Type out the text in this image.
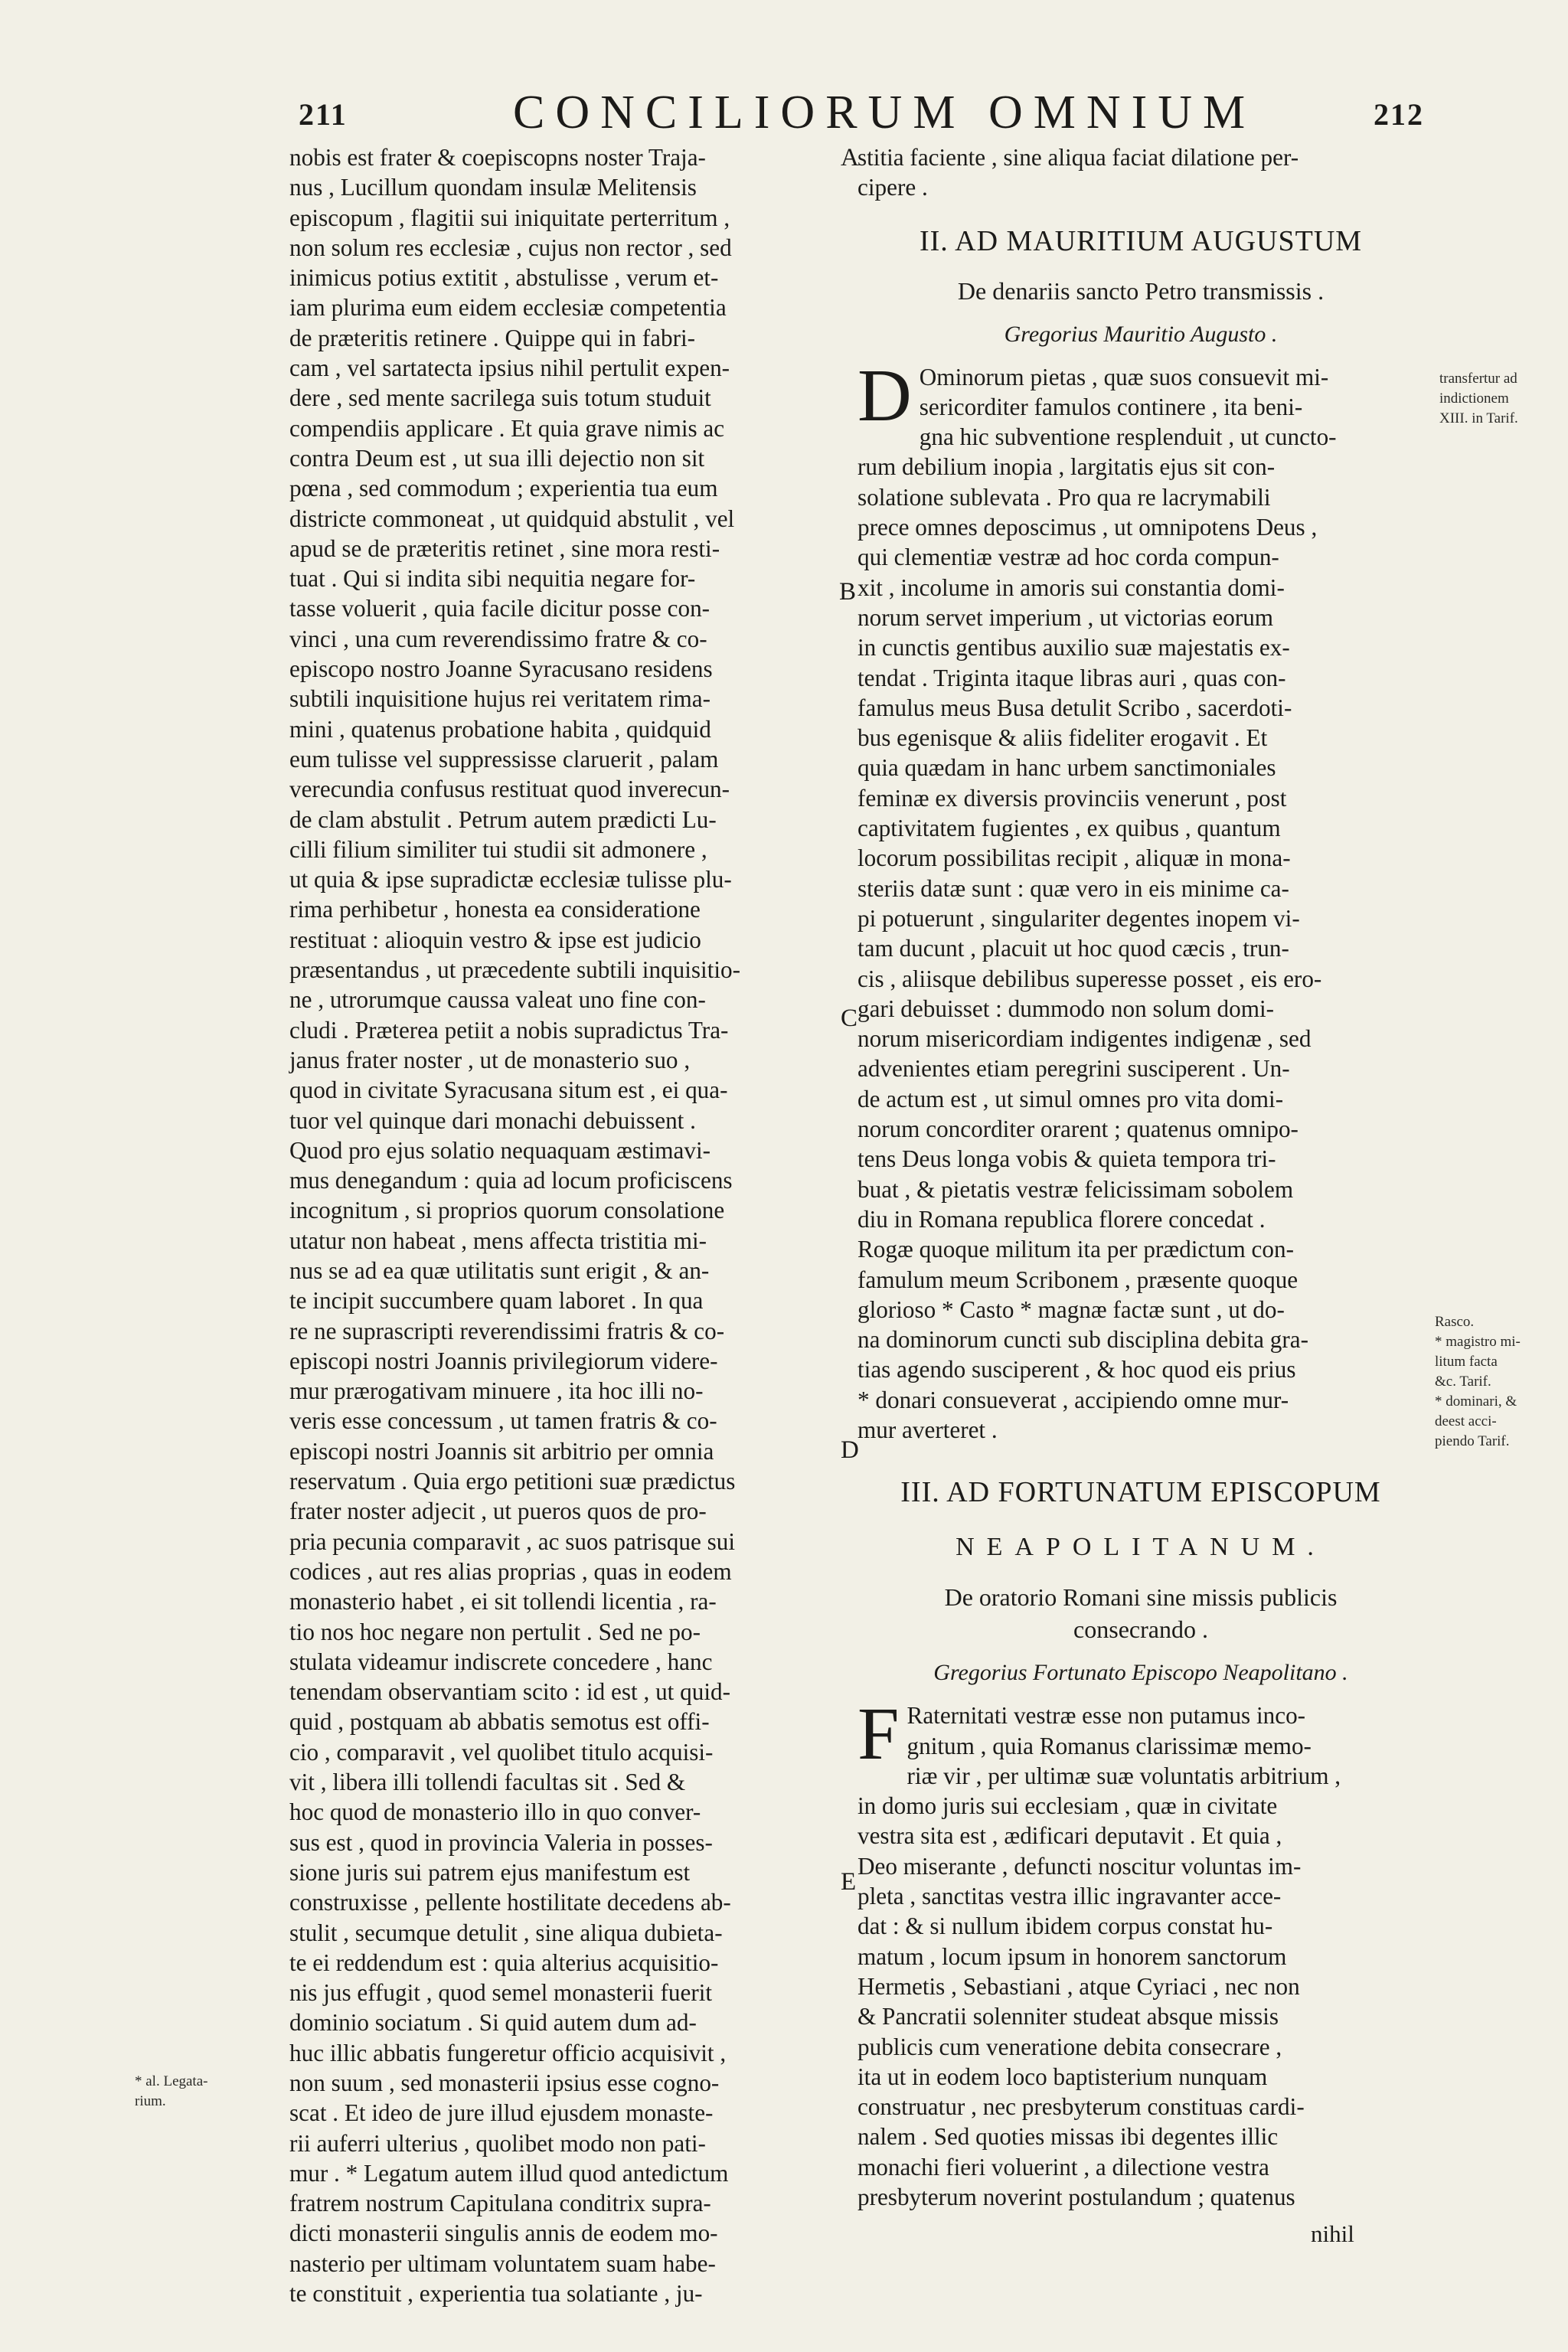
211	CONCILIORUM OMNIUM	212
nobis est frater & coepiscopns noster Traja-
nus , Lucillum quondam insulæ Melitensis
episcopum , flagitii sui iniquitate perterritum ,
non solum res ecclesiæ , cujus non rector , sed
inimicus potius extitit , abstulisse , verum et-
iam plurima eum eidem ecclesiæ competentia
de præteritis retinere . Quippe qui in fabri-
cam , vel sartatecta ipsius nihil pertulit expen-
dere , sed mente sacrilega suis totum studuit
compendiis applicare . Et quia grave nimis ac
contra Deum est , ut sua illi dejectio non sit
pœna , sed commodum ; experientia tua eum
districte commoneat , ut quidquid abstulit , vel
apud se de præteritis retinet , sine mora resti-
tuat . Qui si indita sibi nequitia negare for-
tasse voluerit , quia facile dicitur posse con-
vinci , una cum reverendissimo fratre & co-
episcopo nostro Joanne Syracusano residens
subtili inquisitione hujus rei veritatem rima-
mini , quatenus probatione habita , quidquid
eum tulisse vel suppressisse claruerit , palam
verecundia confusus restituat quod inverecun-
de clam abstulit . Petrum autem prædicti Lu-
cilli filium similiter tui studii sit admonere ,
ut quia & ipse supradictæ ecclesiæ tulisse plu-
rima perhibetur , honesta ea consideratione
restituat : alioquin vestro & ipse est judicio
præsentandus , ut præcedente subtili inquisitio-
ne , utrorumque caussa valeat uno fine con-
cludi . Præterea petiit a nobis supradictus Tra-
janus frater noster , ut de monasterio suo ,
quod in civitate Syracusana situm est , ei qua-
tuor vel quinque dari monachi debuissent .
Quod pro ejus solatio nequaquam æstimavi-
mus denegandum : quia ad locum proficiscens
incognitum , si proprios quorum consolatione
utatur non habeat , mens affecta tristitia mi-
nus se ad ea quæ utilitatis sunt erigit , & an-
te incipit succumbere quam laboret . In qua
re ne suprascripti reverendissimi fratris & co-
episcopi nostri Joannis privilegiorum videre-
mur prærogativam minuere , ita hoc illi no-
veris esse concessum , ut tamen fratris & co-
episcopi nostri Joannis sit arbitrio per omnia
reservatum . Quia ergo petitioni suæ prædictus
frater noster adjecit , ut pueros quos de pro-
pria pecunia comparavit , ac suos patrisque sui
codices , aut res alias proprias , quas in eodem
monasterio habet , ei sit tollendi licentia , ra-
tio nos hoc negare non pertulit . Sed ne po-
stulata videamur indiscrete concedere , hanc
tenendam observantiam scito : id est , ut quid-
quid , postquam ab abbatis semotus est offi-
cio , comparavit , vel quolibet titulo acquisi-
vit , libera illi tollendi facultas sit . Sed &
hoc quod de monasterio illo in quo conver-
sus est , quod in provincia Valeria in posses-
sione juris sui patrem ejus manifestum est
construxisse , pellente hostilitate decedens ab-
stulit , secumque detulit , sine aliqua dubieta-
te ei reddendum est : quia alterius acquisitio-
nis jus effugit , quod semel monasterii fuerit
dominio sociatum . Si quid autem dum ad-
huc illic abbatis fungeretur officio acquisivit ,
non suum , sed monasterii ipsius esse cogno-
scat . Et ideo de jure illud ejusdem monaste-
rii auferri ulterius , quolibet modo non pati-
mur . * Legatum autem illud quod antedictum
fratrem nostrum Capitulana conditrix supra-
dicti monasterii singulis annis de eodem mo-
nasterio per ultimam voluntatem suam habe-
te constituit , experientia tua solatiante , ju-
stitia faciente , sine aliqua faciat dilatione per-
cipere .
II. AD MAURITIUM AUGUSTUM
De denariis sancto Petro transmissis .
Gregorius Mauritio Augusto .
D Ominorum pietas , quæ suos consuevit mi-
sericorditer famulos continere , ita beni-
gna hic subventione resplenduit , ut cuncto-
rum debilium inopia , largitatis ejus sit con-
solatione sublevata . Pro qua re lacrymabili
prece omnes deposcimus , ut omnipotens Deus ,
qui clementiæ vestræ ad hoc corda compun-
xit , incolume in amoris sui constantia domi-
norum servet imperium , ut victorias eorum
in cunctis gentibus auxilio suæ majestatis ex-
tendat . Triginta itaque libras auri , quas con-
famulus meus Busa detulit Scribo , sacerdoti-
bus egenisque & aliis fideliter erogavit . Et
quia quædam in hanc urbem sanctimoniales
feminæ ex diversis provinciis venerunt , post
captivitatem fugientes , ex quibus , quantum
locorum possibilitas recipit , aliquæ in mona-
steriis datæ sunt : quæ vero in eis minime ca-
pi potuerunt , singulariter degentes inopem vi-
tam ducunt , placuit ut hoc quod cæcis , trun-
cis , aliisque debilibus superesse posset , eis ero-
gari debuisset : dummodo non solum domi-
norum misericordiam indigentes indigenæ , sed
advenientes etiam peregrini susciperent . Un-
de actum est , ut simul omnes pro vita domi-
norum concorditer orarent ; quatenus omnipo-
tens Deus longa vobis & quieta tempora tri-
buat , & pietatis vestræ felicissimam sobolem
diu in Romana republica florere concedat .
Rogæ quoque militum ita per prædictum con-
famulum meum Scribonem , præsente quoque
glorioso * Casto * magnæ factæ sunt , ut do-
na dominorum cuncti sub disciplina debita gra-
tias agendo susciperent , & hoc quod eis prius
* donari consueverat , accipiendo omne mur-
mur averteret .
III. AD FORTUNATUM EPISCOPUM
NEAPOLITANUM.
De oratorio Romani sine missis publicis
consecrando .
Gregorius Fortunato Episcopo Neapolitano .
F Raternitati vestræ esse non putamus inco-
gnitum , quia Romanus clarissimæ memo-
riæ vir , per ultimæ suæ voluntatis arbitrium ,
in domo juris sui ecclesiam , quæ in civitate
vestra sita est , ædificari deputavit . Et quia ,
Deo miserante , defuncti noscitur voluntas im-
pleta , sanctitas vestra illic ingravanter acce-
dat : & si nullum ibidem corpus constat hu-
matum , locum ipsum in honorem sanctorum
Hermetis , Sebastiani , atque Cyriaci , nec non
& Pancratii solenniter studeat absque missis
publicis cum veneratione debita consecrare ,
ita ut in eodem loco baptisterium nunquam
construatur , nec presbyterum constituas cardi-
nalem . Sed quoties missas ibi degentes illic
monachi fieri voluerint , a dilectione vestra
presbyterum noverint postulandum ; quatenus
nihil
A
B
C
D
E
transfertur ad
indictionem
XIII. in Tarif.
Rasco.
* magistro mi-
litum facta
&c. Tarif.
* dominari, &
deest acci-
piendo Tarif.
* al. Legata-
rium.
